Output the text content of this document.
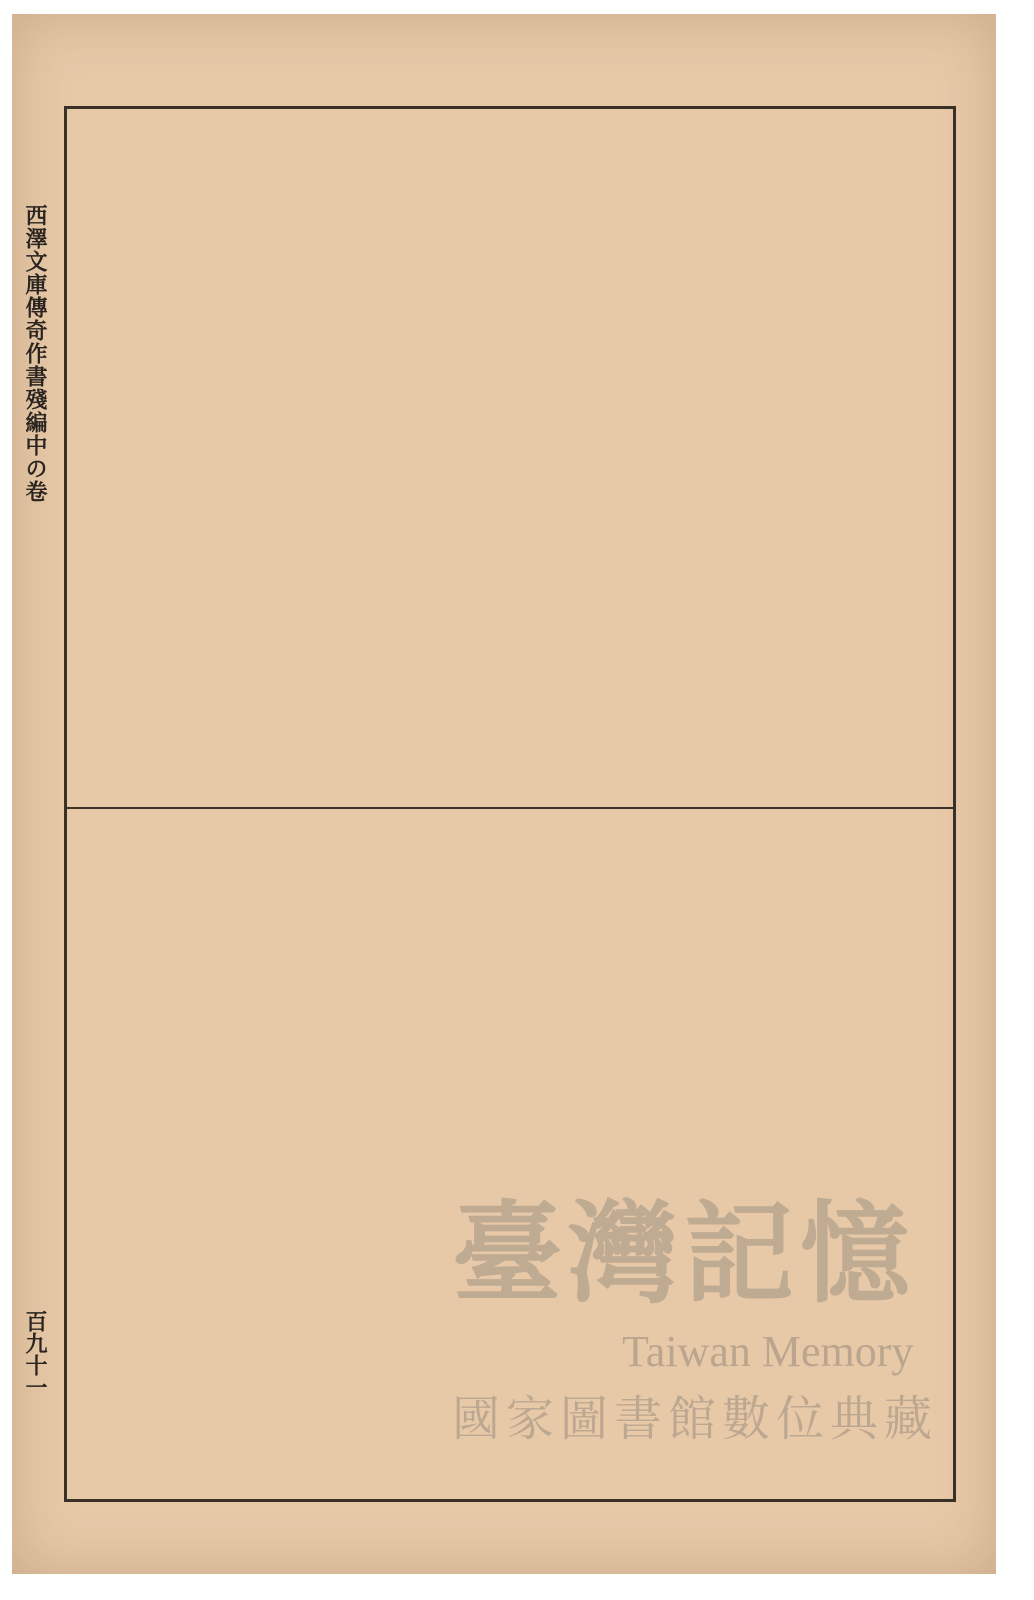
西澤文庫傳奇作書殘編中の卷
百九十一
臺灣記憶
Taiwan Memory
國家圖書館數位典藏
